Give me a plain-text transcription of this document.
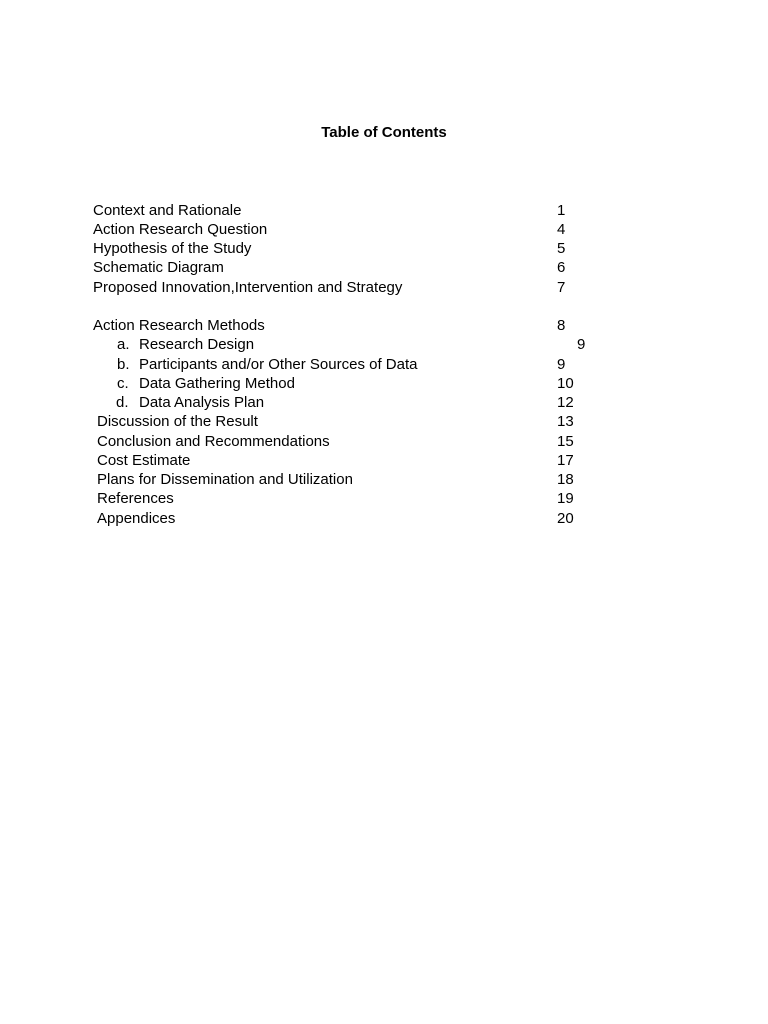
Table of Contents
Context and Rationale	1
Action Research Question	4
Hypothesis of the Study	5
Schematic Diagram	6
Proposed Innovation,Intervention and Strategy	7
Action Research Methods	8
a. Research Design	9
b. Participants and/or Other Sources of Data	9
c. Data Gathering Method	10
d. Data Analysis Plan	12
Discussion of the Result	13
Conclusion and Recommendations	15
Cost Estimate	17
Plans for Dissemination and Utilization	18
References	19
Appendices	20
